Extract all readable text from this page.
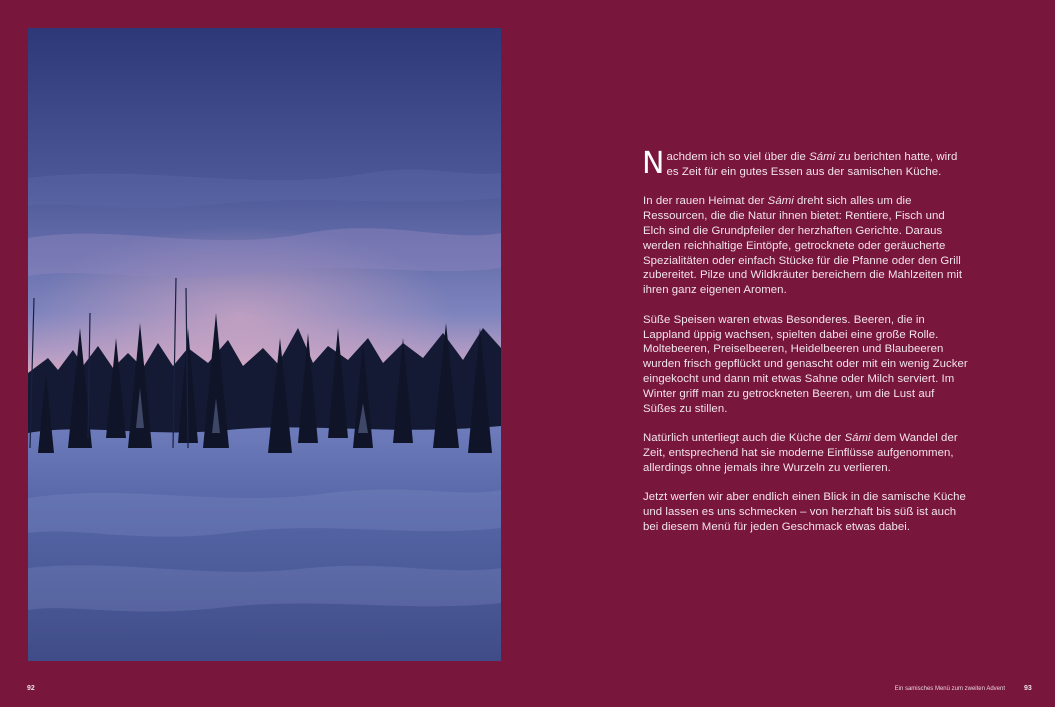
Nachdem ich so viel über die Sámi zu berichten hatte, wird es Zeit für ein gutes Essen aus der samischen Küche.

In der rauen Heimat der Sámi dreht sich alles um die Ressourcen, die die Natur ihnen bietet: Rentiere, Fisch und Elch sind die Grundpfeiler der herzhaften Gerichte. Daraus werden reichhaltige Eintöpfe, getrocknete oder geräucherte Spezialitäten oder einfach Stücke für die Pfanne oder den Grill zubereitet. Pilze und Wildkräuter bereichern die Mahlzeiten mit ihren ganz eigenen Aromen.

Süße Speisen waren etwas Besonderes. Beeren, die in Lappland üppig wachsen, spielten dabei eine große Rolle. Moltebeeren, Preiselbeeren, Heidelbeeren und Blaubeeren wurden frisch gepflückt und genascht oder mit ein wenig Zucker eingekocht und dann mit etwas Sahne oder Milch serviert. Im Winter griff man zu getrockneten Beeren, um die Lust auf Süßes zu stillen.

Natürlich unterliegt auch die Küche der Sámi dem Wandel der Zeit, entsprechend hat sie moderne Einflüsse aufgenommen, allerdings ohne jemals ihre Wurzeln zu verlieren.

Jetzt werfen wir aber endlich einen Blick in die samische Küche und lassen es uns schmecken – von herzhaft bis süß ist auch bei diesem Menü für jeden Geschmack etwas dabei.

92	Ein samisches Menü zum zweiten Advent	93
